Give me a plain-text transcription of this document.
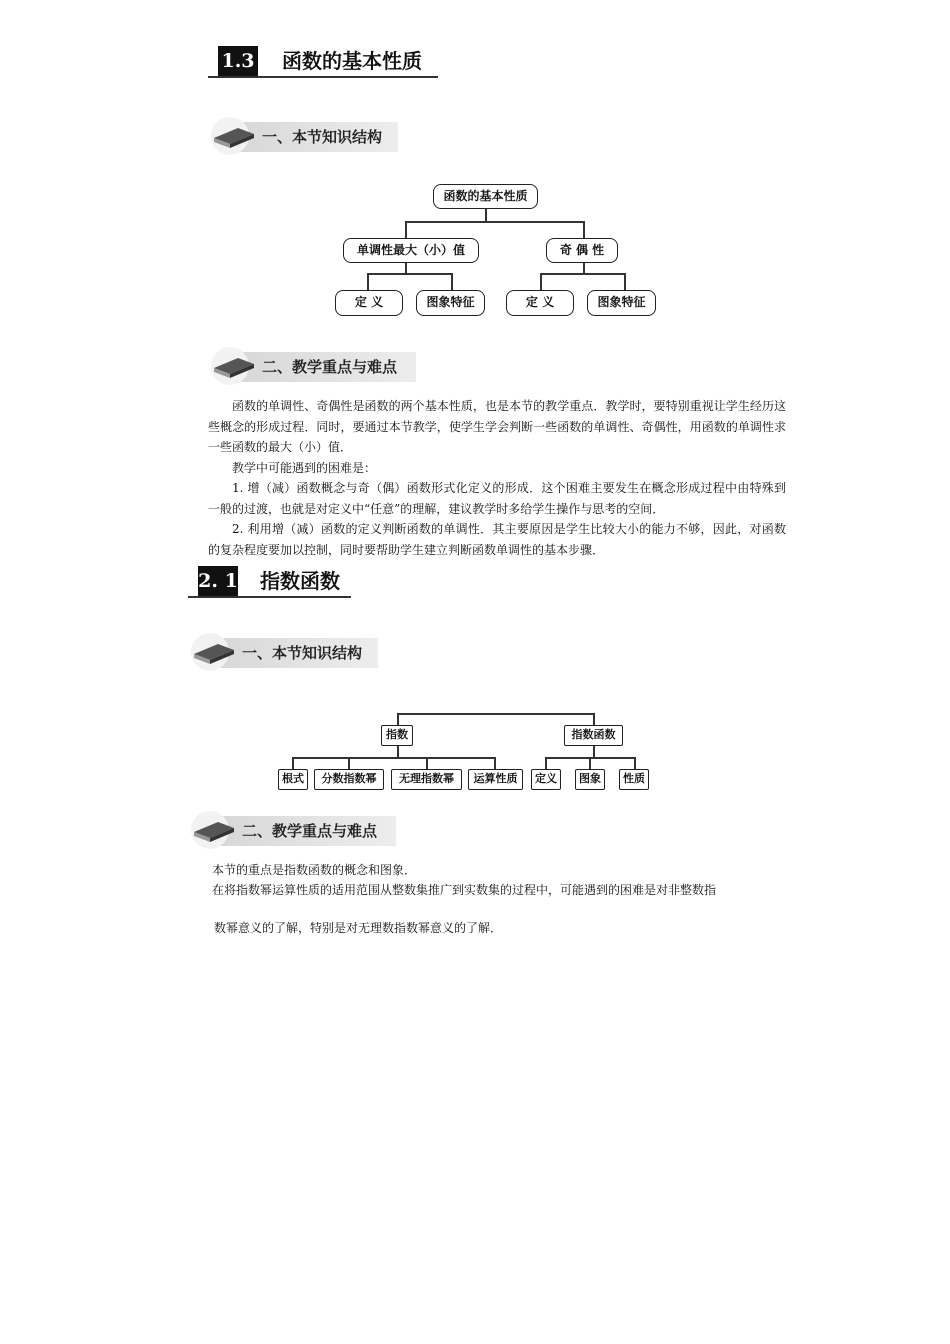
1.3 函数的基本性质
一、本节知识结构
函数的基本性质
单调性最大（小）值	奇 偶 性
定 义	图象特征	定 义	图象特征
二、教学重点与难点

函数的单调性、奇偶性是函数的两个基本性质，也是本节的教学重点．教学时，要特别重视让学生经历这些概念的形成过程．同时，要通过本节教学，使学生学会判断一些函数的单调性、奇偶性，用函数的单调性求一些函数的最大（小）值．

教学中可能遇到的困难是：

1. 增（减）函数概念与奇（偶）函数形式化定义的形成．这个困难主要发生在概念形成过程中由特殊到一般的过渡，也就是对定义中“任意”的理解，建议教学时多给学生操作与思考的空间．

2. 利用增（减）函数的定义判断函数的单调性．其主要原因是学生比较大小的能力不够，因此，对函数的复杂程度要加以控制，同时要帮助学生建立判断函数单调性的基本步骤．

2. 1 指数函数
一、本节知识结构
指数	指数函数
根式	分数指数幂	无理指数幂	运算性质	定义	图象	性质
二、教学重点与难点
本节的重点是指数函数的概念和图象．
在将指数幂运算性质的适用范围从整数集推广到实数集的过程中，可能遇到的困难是对非整数指
数幂意义的了解，特别是对无理数指数幂意义的了解．
